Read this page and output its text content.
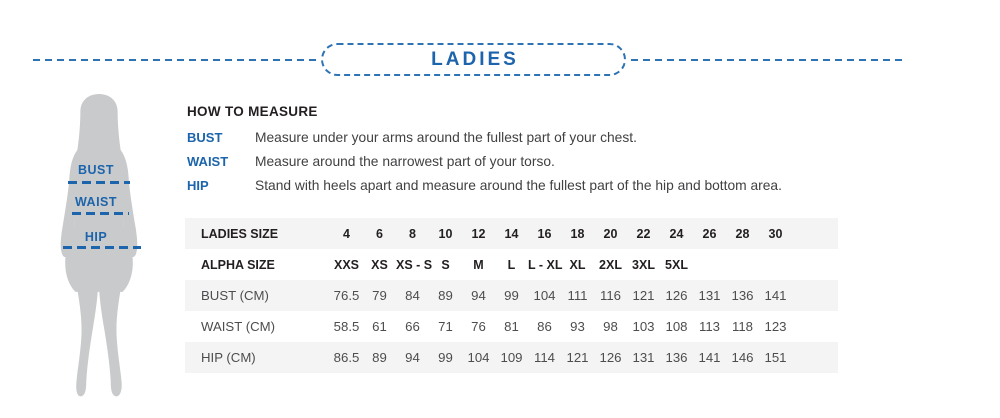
LADIES
BUST
WAIST
HIP
HOW TO MEASURE
BUST Measure under your arms around the fullest part of your chest.
WAIST Measure around the narrowest part of your torso.
HIP	Stand with heels apart and measure around the fullest part of the hip and bottom area.
LADIES SIZE	4	6	8	10	12	14	16	18	20	22	24	26	28	30	
ALPHA SIZE	XXS	XS	XS - S	S	M	L	L - XL	XL	2XL	3XL	5XL				
BUST (CM)	76.5	79	84	89	94	99	104	111	116	121	126	131	136	141	
WAIST (CM)	58.5	61	66	71	76	81	86	93	98	103	108	113	118	123	
HIP (CM)	86.5	89	94	99	104	109	114	121	126	131	136	141	146	151	
